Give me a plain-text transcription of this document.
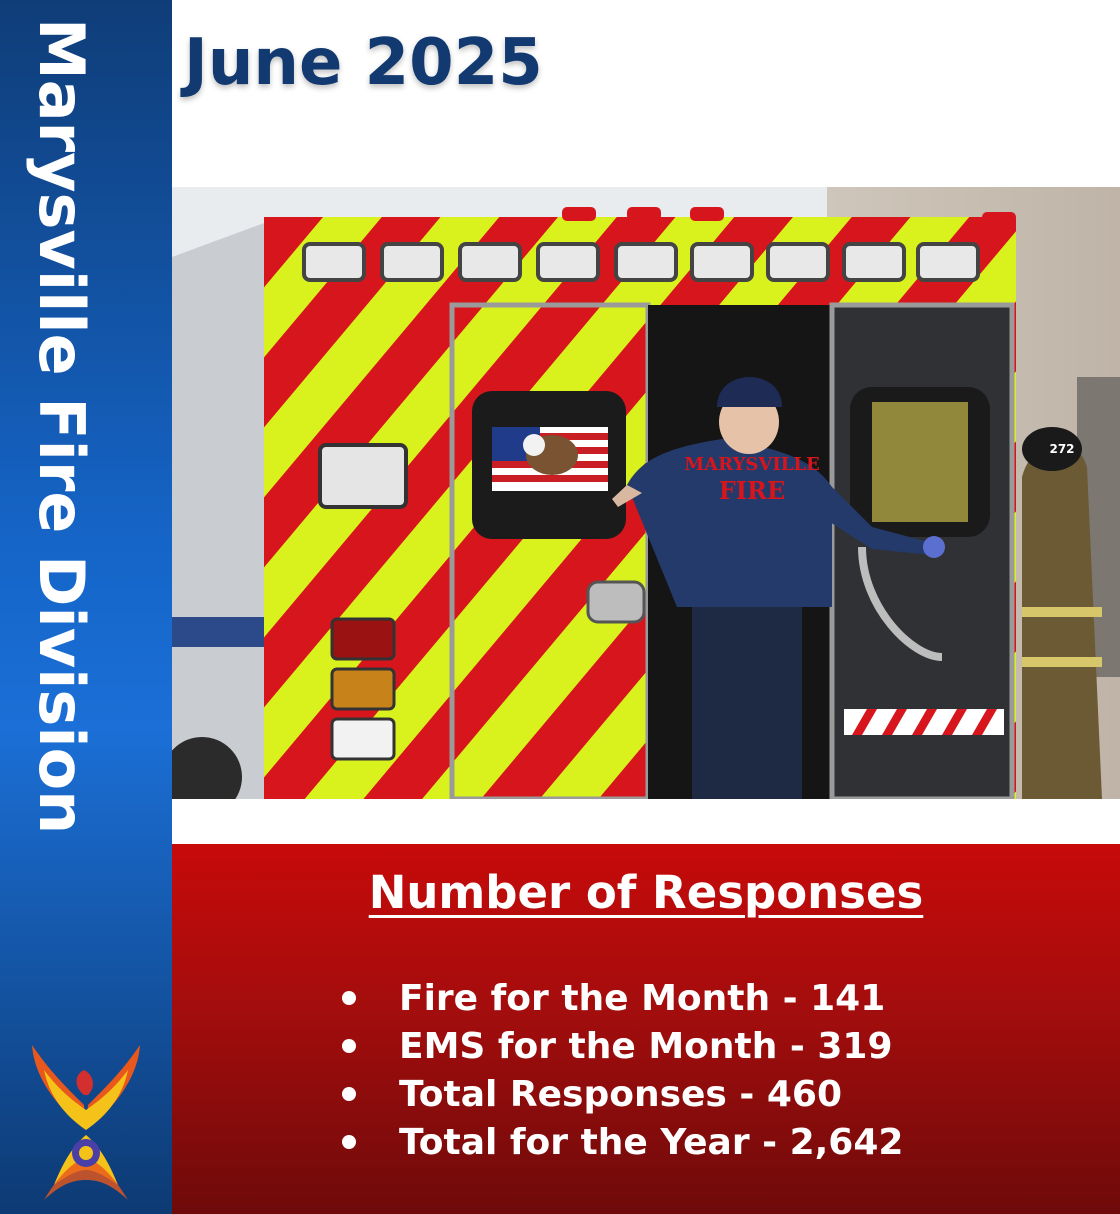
Marysville Fire Division June 2025
MARYSVILLE
FIRE
272
Number of Responses
Fire for the Month - 141
EMS for the Month - 319
Total Responses - 460
Total for the Year - 2,642
